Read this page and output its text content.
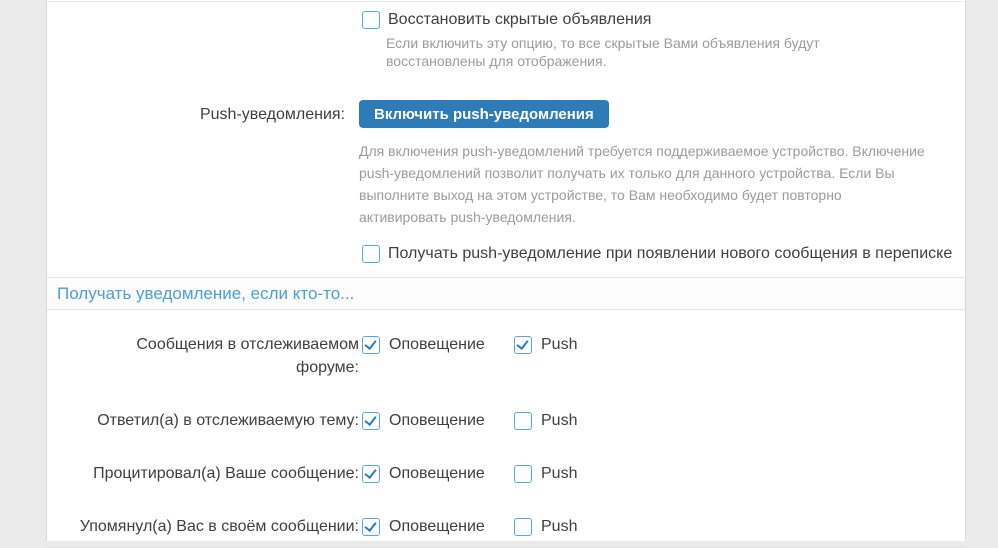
Восстановить скрытые объявления
Если включить эту опцию, то все скрытые Вами объявления будут восстановлены для отображения.
Push-уведомления:	Включить push-уведомления
Для включения push-уведомлений требуется поддерживаемое устройство. Включение push-уведомлений позволит получать их только для данного устройства. Если Вы выполните выход на этом устройстве, то Вам необходимо будет повторно активировать push-уведомления.
Получать push-уведомление при появлении нового сообщения в переписке
Получать уведомление, если кто-то...
Сообщения в отслеживаемом форуме:
Оповещение	Push
Ответил(а) в отслеживаемую тему: Оповещение	Push
Процитировал(а) Ваше сообщение: Оповещение	Push
Упомянул(а) Вас в своём сообщении: Оповещение	Push
